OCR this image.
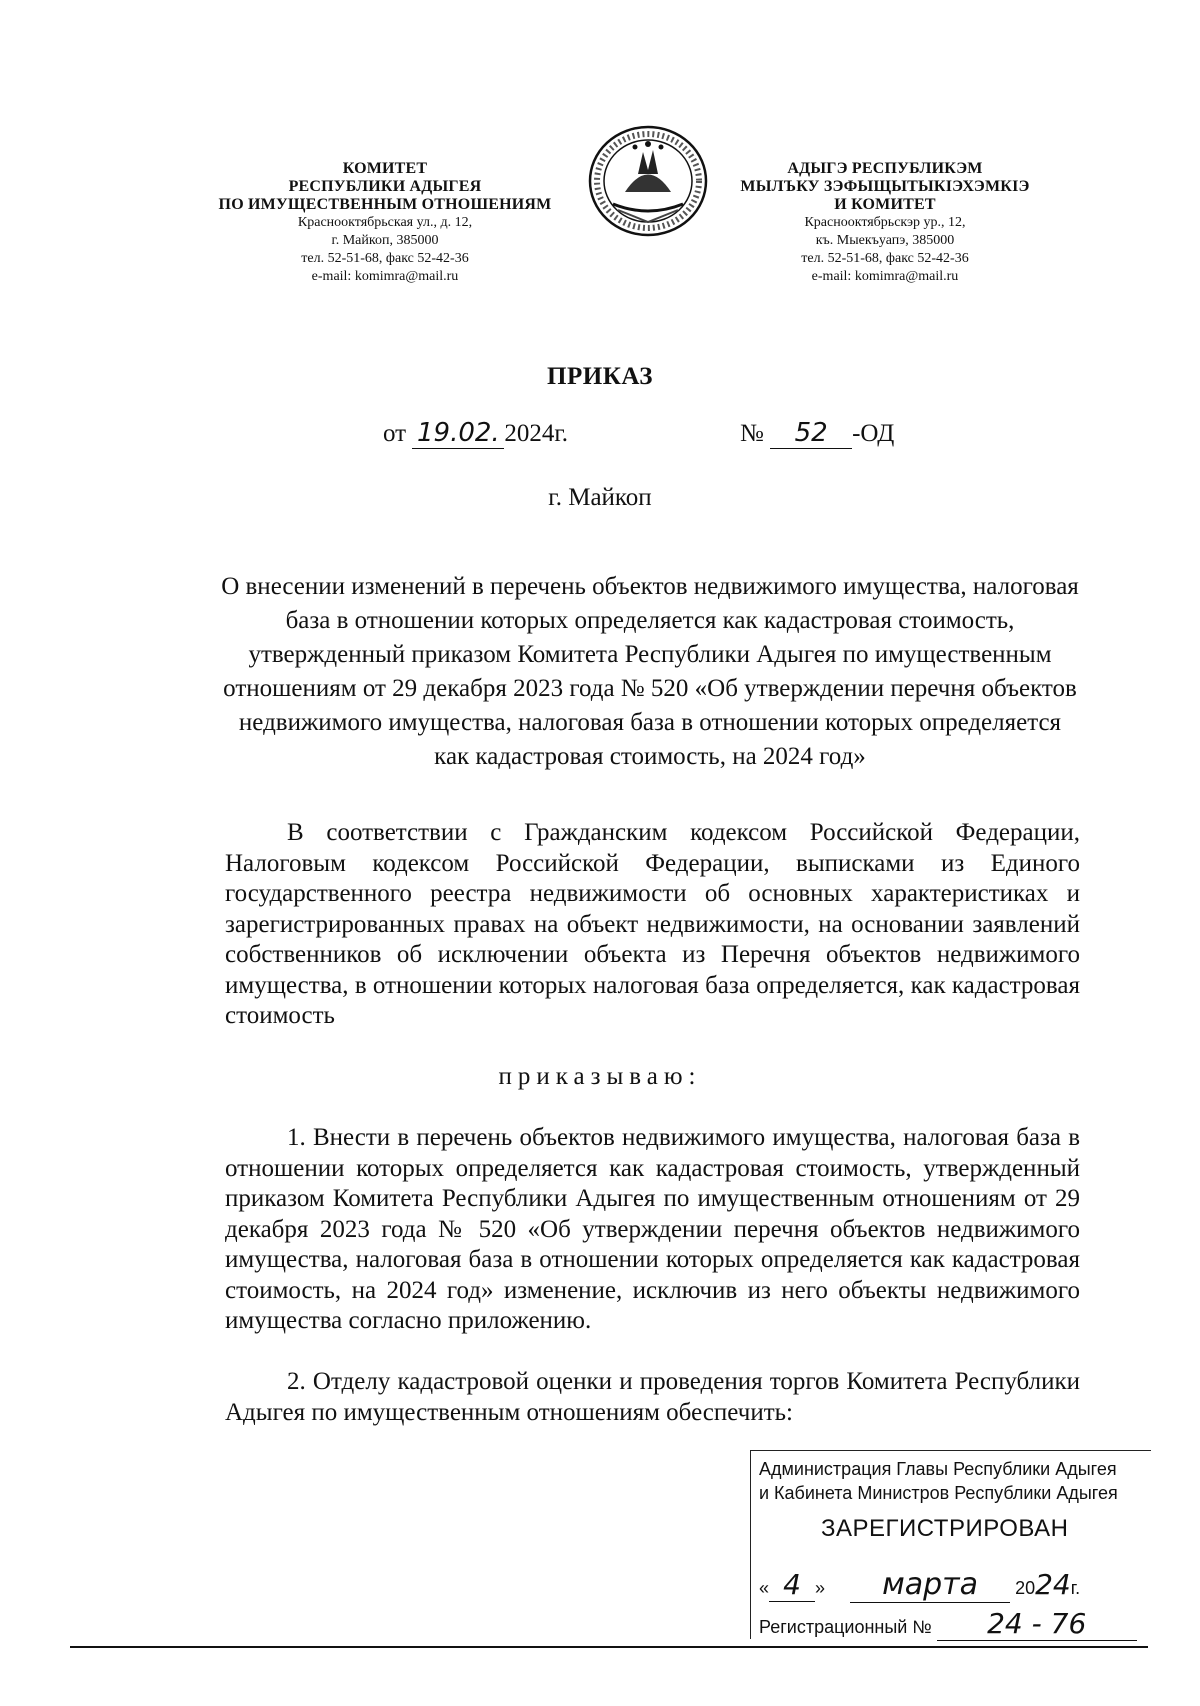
КОМИТЕТ
РЕСПУБЛИКИ АДЫГЕЯ
ПО ИМУЩЕСТВЕННЫМ ОТНОШЕНИЯМ
Краснооктябрьская ул., д. 12,
г. Майкоп, 385000
тел. 52-51-68, факс 52-42-36
e-mail: komimra@mail.ru
АДЫГЭ РЕСПУБЛИКЭМ
МЫЛЪКУ ЗЭФЫЩЫТЫКIЭХЭМКIЭ
И КОМИТЕТ
Краснооктябрьскэр ур., 12,
къ. Мыекъуапэ, 385000
тел. 52-51-68, факс 52-42-36
e-mail: komimra@mail.ru
ПРИКАЗ
от 19.02. 2024г.	№ 52 -ОД
г. Майкоп
О внесении изменений в перечень объектов недвижимого имущества, налоговая база в отношении которых определяется как кадастровая стоимость, утвержденный приказом Комитета Республики Адыгея по имущественным отношениям от 29 декабря 2023 года № 520 «Об утверждении перечня объектов недвижимого имущества, налоговая база в отношении которых определяется как кадастровая стоимость, на 2024 год»
В соответствии с Гражданским кодексом Российской Федерации, Налоговым кодексом Российской Федерации, выписками из Единого государственного реестра недвижимости об основных характеристиках и зарегистрированных правах на объект недвижимости, на основании заявлений собственников об исключении объекта из Перечня объектов недвижимого имущества, в отношении которых налоговая база определяется, как кадастровая стоимость
приказываю:
1. Внести в перечень объектов недвижимого имущества, налоговая база в отношении которых определяется как кадастровая стоимость, утвержденный приказом Комитета Республики Адыгея по имущественным отношениям от 29 декабря 2023 года № 520 «Об утверждении перечня объектов недвижимого имущества, налоговая база в отношении которых определяется как кадастровая стоимость, на 2024 год» изменение, исключив из него объекты недвижимого имущества согласно приложению.
2. Отделу кадастровой оценки и проведения торгов Комитета Республики Адыгея по имущественным отношениям обеспечить:
Администрация Главы Республики Адыгея
и Кабинета Министров Республики Адыгея
ЗАРЕГИСТРИРОВАН
« 4 » марта 2024г.
Регистрационный № 24 - 76
